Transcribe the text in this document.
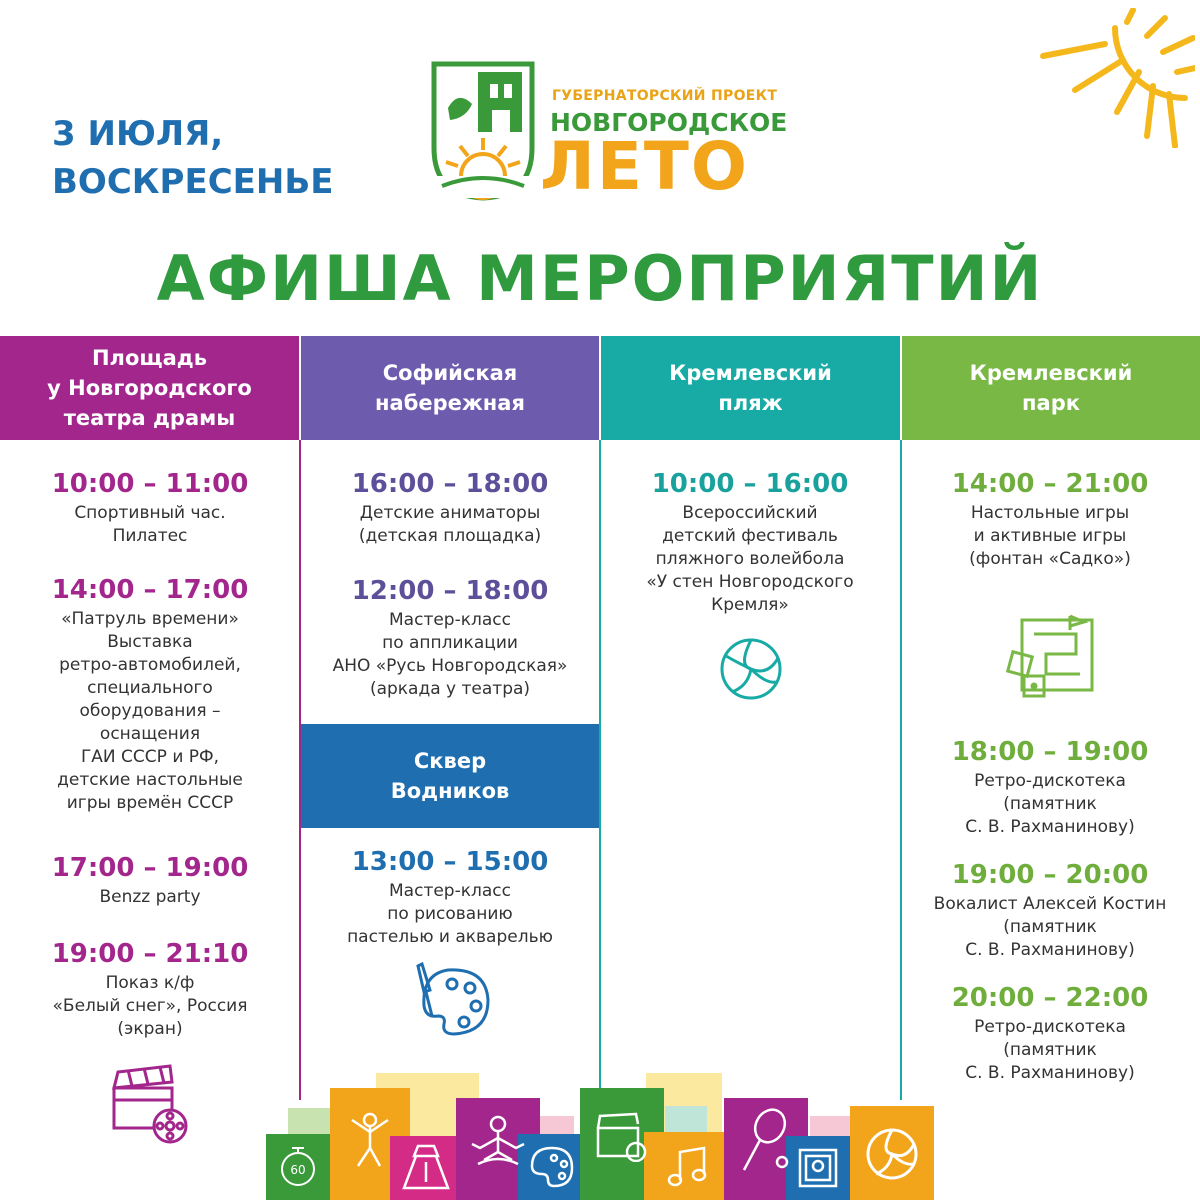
3 ИЮЛЯ,
ВОСКРЕСЕНЬЕ
ГУБЕРНАТОРСКИЙ ПРОЕКТ
НОВГОРОДСКОЕ
ЛЕТО
АФИША МЕРОПРИЯТИЙ
Площадь
у Новгородского
театра драмы
Софийская
набережная
Кремлевский
пляж
Кремлевский
парк
10:00 – 11:00
Спортивный час.
Пилатес
14:00 – 17:00
«Патруль времени»
Выставка
ретро-автомобилей,
специального
оборудования –
оснащения
ГАИ СССР и РФ,
детские настольные
игры времён СССР
17:00 – 19:00
Benzz party
19:00 – 21:10
Показ к/ф
«Белый снег», Россия
(экран)
16:00 – 18:00
Детские аниматоры
(детская площадка)
12:00 – 18:00
Мастер-класс
по аппликации
АНО «Русь Новгородская»
(аркада у театра)
Сквер
Водников
13:00 – 15:00
Мастер-класс
по рисованию
пастелью и акварелью
10:00 – 16:00
Всероссийский
детский фестиваль
пляжного волейбола
«У стен Новгородского
Кремля»
14:00 – 21:00
Настольные игры
и активные игры
(фонтан «Садко»)
18:00 – 19:00
Ретро-дискотека
(памятник
С. В. Рахманинову)
19:00 – 20:00
Вокалист Алексей Костин
(памятник
С. В. Рахманинову)
20:00 – 22:00
Ретро-дискотека
(памятник
С. В. Рахманинову)
60
